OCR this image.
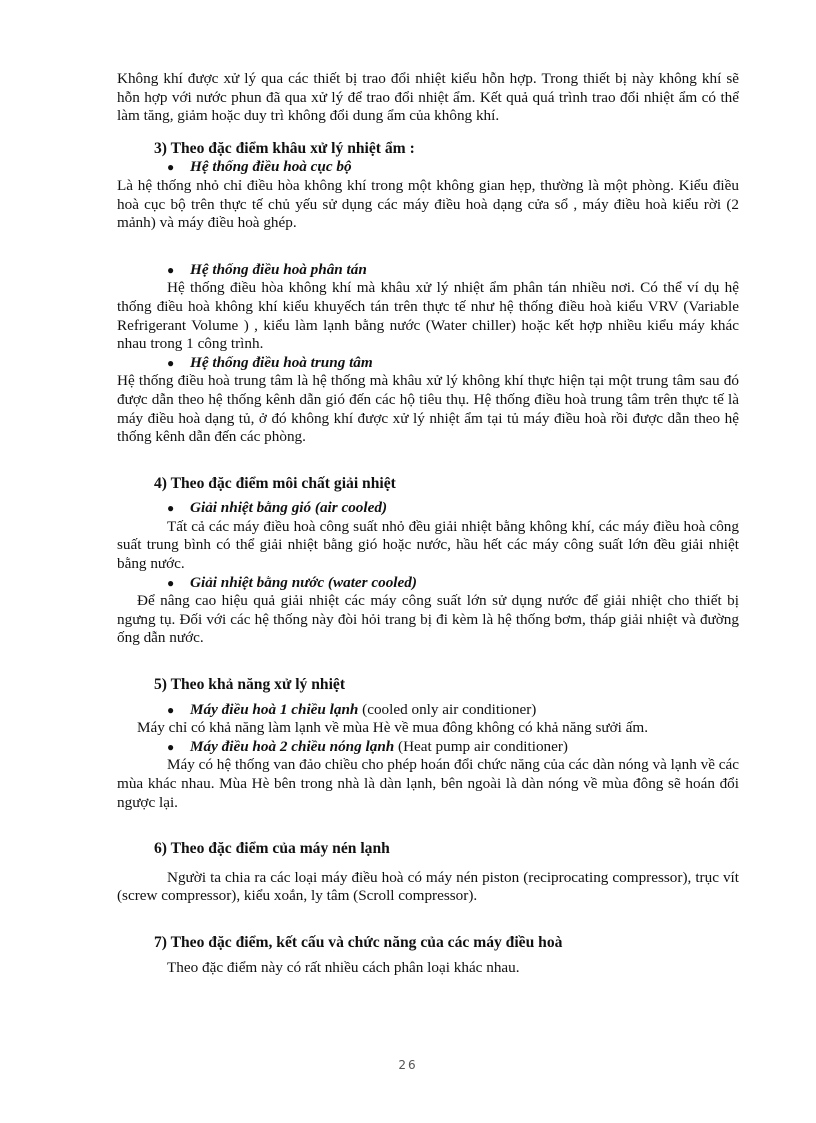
Không khí được xử lý qua các thiết bị trao đổi nhiệt kiểu hỗn hợp. Trong thiết bị này không khí sẽ hỗn hợp với nước phun đã qua xử lý để trao đổi nhiệt ẩm. Kết quả quá trình trao đổi nhiệt ẩm có thể làm tăng, giảm hoặc duy trì không đổi dung ẩm của không khí.

3) Theo đặc điểm khâu xử lý nhiệt ẩm :
●	Hệ thống điều hoà cục bộ

Là hệ thống nhỏ chỉ điều hòa không khí trong một không gian hẹp, thường là một phòng. Kiểu điều hoà cục bộ trên thực tế chủ yếu sử dụng các máy điều hoà dạng cửa sổ , máy điều hoà kiểu rời (2 mảnh) và máy điều hoà ghép.

●	Hệ thống điều hoà phân tán

Hệ thống điều hòa không khí mà khâu xử lý nhiệt ẩm phân tán nhiều nơi. Có thể ví dụ hệ thống điều hoà không khí kiểu khuyếch tán trên thực tế như hệ thống điều hoà kiểu VRV (Variable Refrigerant Volume ) , kiểu làm lạnh bằng nước (Water chiller) hoặc kết hợp nhiều kiểu máy khác nhau trong 1 công trình.

●	Hệ thống điều hoà trung tâm

Hệ thống điều hoà trung tâm là hệ thống mà khâu xử lý không khí thực hiện tại một trung tâm sau đó được dẫn theo hệ thống kênh dẫn gió đến các hộ tiêu thụ. Hệ thống điều hoà trung tâm trên thực tế là máy điều hoà dạng tủ, ở đó không khí được xử lý nhiệt ẩm tại tủ máy điều hoà rồi được dẫn theo hệ thống kênh dẫn đến các phòng.

4) Theo đặc điểm môi chất giải nhiệt
●	Giải nhiệt bằng gió (air cooled)

Tất cả các máy điều hoà công suất nhỏ đều giải nhiệt bằng không khí, các máy điều hoà công suất trung bình có thể giải nhiệt bằng gió hoặc nước, hầu hết các máy công suất lớn đều giải nhiệt bằng nước.

●	Giải nhiệt bằng nước (water cooled)

Để nâng cao hiệu quả giải nhiệt các máy công suất lớn sử dụng nước để giải nhiệt cho thiết bị ngưng tụ. Đối với các hệ thống này đòi hỏi trang bị đi kèm là hệ thống bơm, tháp giải nhiệt và đường ống dẫn nước.

5) Theo khả năng xử lý nhiệt
●	Máy điều hoà 1 chiều lạnh (cooled only air conditioner)

Máy chỉ có khả năng làm lạnh về mùa Hè về mua đông không có khả năng sưởi ấm.

●	Máy điều hoà 2 chiều nóng lạnh (Heat pump air conditioner)

Máy có hệ thống van đảo chiều cho phép hoán đổi chức năng của các dàn nóng và lạnh về các mùa khác nhau. Mùa Hè bên trong nhà là dàn lạnh, bên ngoài là dàn nóng về mùa đông sẽ hoán đổi ngược lại.

6) Theo đặc điểm của máy nén lạnh

Người ta chia ra các loại máy điều hoà có máy nén piston (reciprocating compressor), trục vít (screw compressor), kiểu xoắn, ly tâm (Scroll compressor).

7) Theo đặc điểm, kết cấu và chức năng của các máy điều hoà

Theo đặc điểm này có rất nhiều cách phân loại khác nhau.

26
